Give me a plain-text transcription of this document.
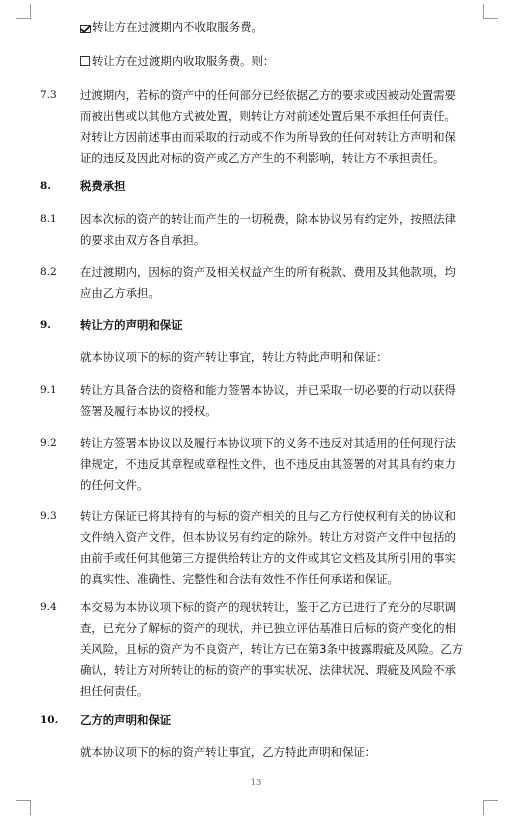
转让方在过渡期内不收取服务费。
转让方在过渡期内收取服务费。则：
7.3 过渡期内，若标的资产中的任何部分已经依据乙方的要求或因被动处置需要
而被出售或以其他方式被处置，则转让方对前述处置后果不承担任何责任。
对转让方因前述事由而采取的行动或不作为所导致的任何对转让方声明和保
证的违反及因此对标的资产或乙方产生的不利影响，转让方不承担责任。
8.	税费承担
8.1 因本次标的资产的转让而产生的一切税费，除本协议另有约定外，按照法律
的要求由双方各自承担。
8.2 在过渡期内，因标的资产及相关权益产生的所有税款、费用及其他款项，均
应由乙方承担。
9.	转让方的声明和保证
就本协议项下的标的资产转让事宜，转让方特此声明和保证：
9.1 转让方具备合法的资格和能力签署本协议，并已采取一切必要的行动以获得
签署及履行本协议的授权。
9.2 转让方签署本协议以及履行本协议项下的义务不违反对其适用的任何现行法
律规定，不违反其章程或章程性文件，也不违反由其签署的对其具有约束力
的任何文件。
9.3 转让方保证已将其持有的与标的资产相关的且与乙方行使权利有关的协议和
文件纳入资产文件，但本协议另有约定的除外。转让方对资产文件中包括的
由前手或任何其他第三方提供给转让方的文件或其它文档及其所引用的事实
的真实性、准确性、完整性和合法有效性不作任何承诺和保证。
9.4 本交易为本协议项下标的资产的现状转让，鉴于乙方已进行了充分的尽职调
查，已充分了解标的资产的现状，并已独立评估基准日后标的资产变化的相
关风险，且标的资产为不良资产，转让方已在第3条中披露瑕疵及风险。乙方
确认，转让方对所转让的标的资产的事实状况、法律状况、瑕疵及风险不承
担任何责任。
10. 乙方的声明和保证
就本协议项下的标的资产转让事宜，乙方特此声明和保证：
13
